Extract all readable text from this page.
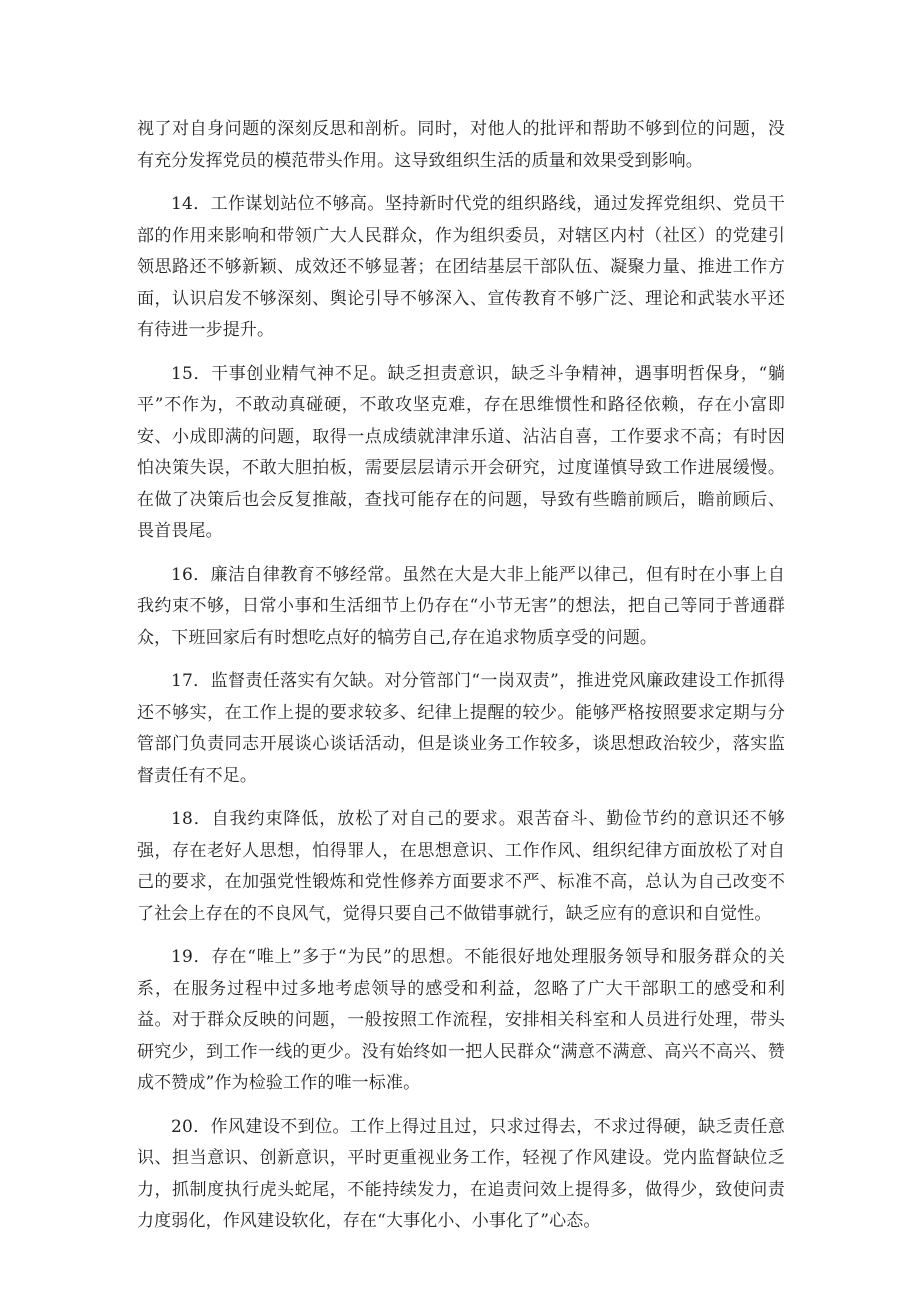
视了对自身问题的深刻反思和剖析。同时，对他人的批评和帮助不够到位的问题，没有充分发挥党员的模范带头作用。这导致组织生活的质量和效果受到影响。

14．工作谋划站位不够高。坚持新时代党的组织路线，通过发挥党组织、党员干部的作用来影响和带领广大人民群众，作为组织委员，对辖区内村（社区）的党建引领思路还不够新颖、成效还不够显著；在团结基层干部队伍、凝聚力量、推进工作方面，认识启发不够深刻、舆论引导不够深入、宣传教育不够广泛、理论和武装水平还有待进一步提升。

15．干事创业精气神不足。缺乏担责意识，缺乏斗争精神，遇事明哲保身，“躺平”不作为，不敢动真碰硬，不敢攻坚克难，存在思维惯性和路径依赖，存在小富即安、小成即满的问题，取得一点成绩就津津乐道、沾沾自喜，工作要求不高；有时因怕决策失误，不敢大胆拍板，需要层层请示开会研究，过度谨慎导致工作进展缓慢。在做了决策后也会反复推敲，查找可能存在的问题，导致有些瞻前顾后，瞻前顾后、畏首畏尾。

16．廉洁自律教育不够经常。虽然在大是大非上能严以律己，但有时在小事上自我约束不够，日常小事和生活细节上仍存在“小节无害”的想法，把自己等同于普通群众，下班回家后有时想吃点好的犒劳自己,存在追求物质享受的问题。

17．监督责任落实有欠缺。对分管部门“一岗双责”，推进党风廉政建设工作抓得还不够实，在工作上提的要求较多、纪律上提醒的较少。能够严格按照要求定期与分管部门负责同志开展谈心谈话活动，但是谈业务工作较多，谈思想政治较少，落实监督责任有不足。

18．自我约束降低，放松了对自己的要求。艰苦奋斗、勤俭节约的意识还不够强，存在老好人思想，怕得罪人，在思想意识、工作作风、组织纪律方面放松了对自己的要求，在加强党性锻炼和党性修养方面要求不严、标准不高，总认为自己改变不了社会上存在的不良风气，觉得只要自己不做错事就行，缺乏应有的意识和自觉性。

19．存在“唯上”多于“为民”的思想。不能很好地处理服务领导和服务群众的关系，在服务过程中过多地考虑领导的感受和利益，忽略了广大干部职工的感受和利益。对于群众反映的问题，一般按照工作流程，安排相关科室和人员进行处理，带头研究少，到工作一线的更少。没有始终如一把人民群众“满意不满意、高兴不高兴、赞成不赞成”作为检验工作的唯一标准。

20．作风建设不到位。工作上得过且过，只求过得去，不求过得硬，缺乏责任意识、担当意识、创新意识，平时更重视业务工作，轻视了作风建设。党内监督缺位乏力，抓制度执行虎头蛇尾，不能持续发力，在追责问效上提得多，做得少，致使问责力度弱化，作风建设软化，存在“大事化小、小事化了”心态。
